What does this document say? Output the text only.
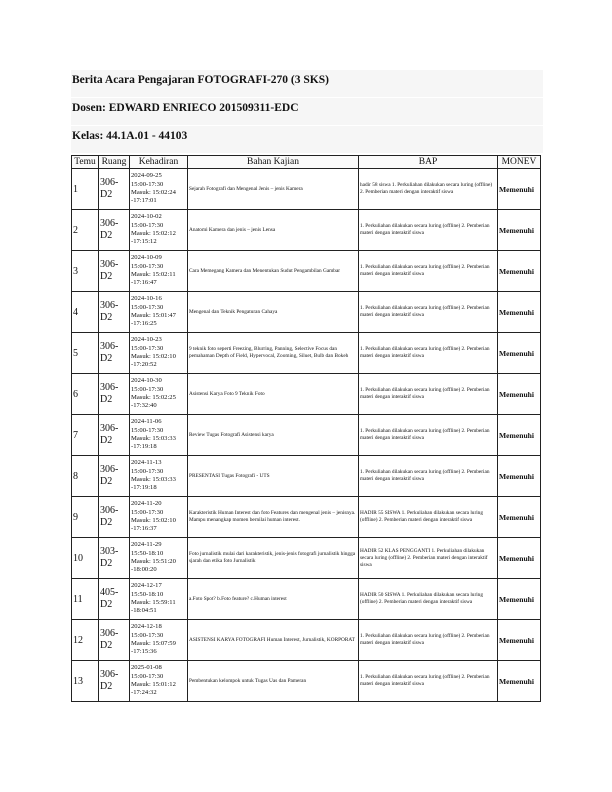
Berita Acara Pengajaran FOTOGRAFI-270 (3 SKS)
Dosen: EDWARD ENRIECO 201509311-EDC
Kelas: 44.1A.01 - 44103
Temu	Ruang	Kehadiran	Bahan Kajian	BAP	MONEV
1	306-D2	2024-09-25
15:00-17:30
Masuk: 15:02:24
-17:17:01	Sejarah Fotografi dan Mengenal Jenis – jenis Kamera	hadir 58 siswa 1. Perkuliahan dilakukan secara luring (offline) 2. Pemberian materi dengan interaktif siswa	Memenuhi
2	306-D2	2024-10-02
15:00-17:30
Masuk: 15:02:12
-17:15:12	Anatomi Kamera dan jenis – jenis Lensa	1. Perkuliahan dilakukan secara luring (offline) 2. Pemberian materi dengan interaktif siswa	Memenuhi
3	306-D2	2024-10-09
15:00-17:30
Masuk: 15:02:11
-17:16:47	Cara Memegang Kamera dan Menentukan Sudut Pengambilan Gambar	1. Perkuliahan dilakukan secara luring (offline) 2. Pemberian materi dengan interaktif siswa	Memenuhi
4	306-D2	2024-10-16
15:00-17:30
Masuk: 15:01:47
-17:16:25	Mengenal dan Teknik Pengaturan Cahaya	1. Perkuliahan dilakukan secara luring (offline) 2. Pemberian materi dengan interaktif siswa	Memenuhi
5	306-D2	2024-10-23
15:00-17:30
Masuk: 15:02:10
-17:20:52	9 teknik foto seperti Freezing, Blurring, Panning, Selective Focus dan pemahaman Depth of Field, Hypervocal, Zooming, Siluet, Bulb dan Bokeh	1. Perkuliahan dilakukan secara luring (offline) 2. Pemberian materi dengan interaktif siswa	Memenuhi
6	306-D2	2024-10-30
15:00-17:30
Masuk: 15:02:25
-17:32:40	Asistensi Karya Foto 9 Teknik Foto	1. Perkuliahan dilakukan secara luring (offline) 2. Pemberian materi dengan interaktif siswa	Memenuhi
7	306-D2	2024-11-06
15:00-17:30
Masuk: 15:03:33
-17:19:18	Review Tugas Fotografi Asistensi karya	1. Perkuliahan dilakukan secara luring (offline) 2. Pemberian materi dengan interaktif siswa	Memenuhi
8	306-D2	2024-11-13
15:00-17:30
Masuk: 15:03:33
-17:19:18	PRESENTASI Tugas Fotografi - UTS	1. Perkuliahan dilakukan secara luring (offline) 2. Pemberian materi dengan interaktif siswa	Memenuhi
9	306-D2	2024-11-20
15:00-17:30
Masuk: 15:02:10
-17:16:37	Karakteristik Human Interest dan foto Features dan mengenal jenis – jenisnya. Mampu menangkap momen bernilai human interest.	HADIR 55 SISWA 1. Perkuliahan dilakukan secara luring (offline) 2. Pemberian materi dengan interaktif siswa	Memenuhi
10	303-D2	2024-11-29
15:50-18:10
Masuk: 15:51:20
-18:00:20	Foto jurnalistik mulai dari karakteristik, jenis-jenis fotografi jurnalistik hingga sjarah dan etika foto Jurnalistik	HADIR 52 KLAS PENGGANTI 1. Perkuliahan dilakukan secara luring (offline) 2. Pemberian materi dengan interaktif siswa	Memenuhi
11	405-D2	2024-12-17
15:50-18:10
Masuk: 15:59:11
-18:04:51	a.Foto Spot? b.Foto feature? c.Human interest	HADIR 50 SISWA 1. Perkuliahan dilakukan secara luring (offline) 2. Pemberian materi dengan interaktif siswa	Memenuhi
12	306-D2	2024-12-18
15:00-17:30
Masuk: 15:07:59
-17:15:36	ASISTENSI KARYA FOTOGRAFI Human Interest, Jurnalistik, KORPORAT	1. Perkuliahan dilakukan secara luring (offline) 2. Pemberian materi dengan interaktif siswa	Memenuhi
13	306-D2	2025-01-08
15:00-17:30
Masuk: 15:01:12
-17:24:32	Pembentukan kelompok untuk Tugas Uas dan Pameran	1. Perkuliahan dilakukan secara luring (offline) 2. Pemberian materi dengan interaktif siswa	Memenuhi
